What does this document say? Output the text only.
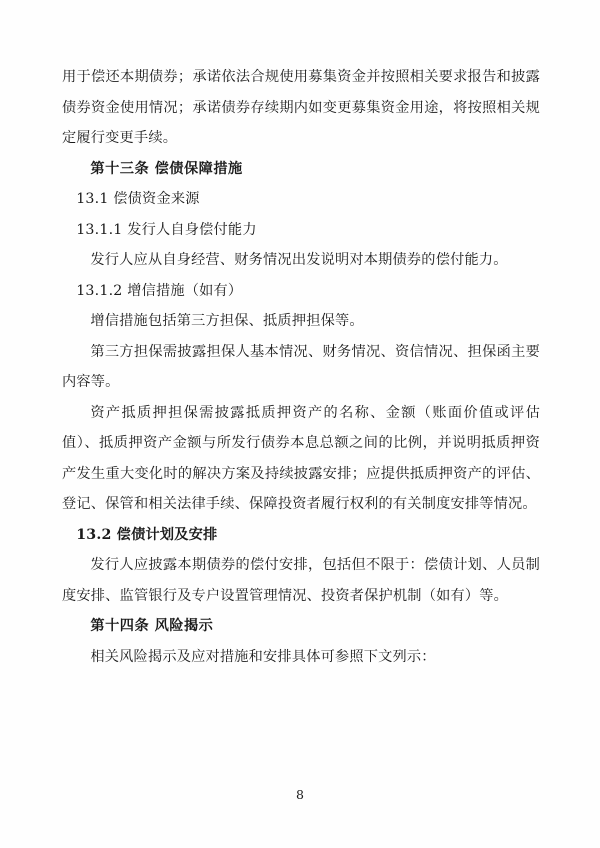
用于偿还本期债券；承诺依法合规使用募集资金并按照相关要求报告和披露债券资金使用情况；承诺债券存续期内如变更募集资金用途，将按照相关规定履行变更手续。

第十三条 偿债保障措施

13.1 偿债资金来源

13.1.1 发行人自身偿付能力

发行人应从自身经营、财务情况出发说明对本期债券的偿付能力。

13.1.2 增信措施（如有）

增信措施包括第三方担保、抵质押担保等。

第三方担保需披露担保人基本情况、财务情况、资信情况、担保函主要内容等。

资产抵质押担保需披露抵质押资产的名称、金额（账面价值或评估值）、抵质押资产金额与所发行债券本息总额之间的比例，并说明抵质押资产发生重大变化时的解决方案及持续披露安排；应提供抵质押资产的评估、登记、保管和相关法律手续、保障投资者履行权利的有关制度安排等情况。

13.2 偿债计划及安排

发行人应披露本期债券的偿付安排，包括但不限于：偿债计划、人员制度安排、监管银行及专户设置管理情况、投资者保护机制（如有）等。

第十四条 风险揭示

相关风险揭示及应对措施和安排具体可参照下文列示：

8
